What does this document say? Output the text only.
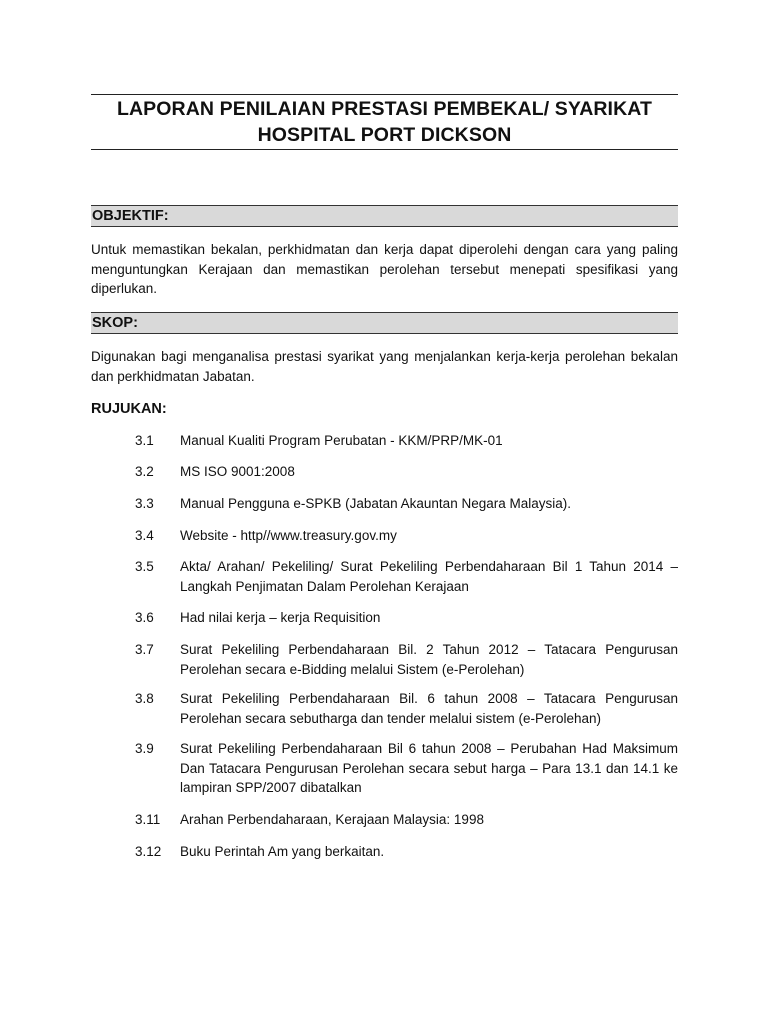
LAPORAN PENILAIAN PRESTASI PEMBEKAL/ SYARIKAT
HOSPITAL PORT DICKSON
OBJEKTIF:
Untuk memastikan bekalan, perkhidmatan dan kerja dapat diperolehi dengan cara yang paling menguntungkan Kerajaan dan memastikan perolehan tersebut menepati spesifikasi yang diperlukan.
SKOP:
Digunakan bagi menganalisa prestasi syarikat yang menjalankan kerja-kerja perolehan bekalan dan perkhidmatan Jabatan.
RUJUKAN:
3.1	Manual Kualiti Program Perubatan - KKM/PRP/MK-01
3.2	MS ISO 9001:2008
3.3	Manual Pengguna e-SPKB (Jabatan Akauntan Negara Malaysia).
3.4	Website - http//www.treasury.gov.my
3.5	Akta/ Arahan/ Pekeliling/ Surat Pekeliling Perbendaharaan Bil 1 Tahun 2014 – Langkah Penjimatan Dalam Perolehan Kerajaan
3.6	Had nilai kerja – kerja Requisition
3.7	Surat Pekeliling Perbendaharaan Bil. 2 Tahun 2012 – Tatacara Pengurusan Perolehan secara e-Bidding melalui Sistem (e-Perolehan)
3.8	Surat Pekeliling Perbendaharaan Bil. 6 tahun 2008 – Tatacara Pengurusan Perolehan secara sebutharga dan tender melalui sistem (e-Perolehan)
3.9	Surat Pekeliling Perbendaharaan Bil 6 tahun 2008 – Perubahan Had Maksimum Dan Tatacara Pengurusan Perolehan secara sebut harga – Para 13.1 dan 14.1 ke lampiran SPP/2007 dibatalkan
3.11	Arahan Perbendaharaan, Kerajaan Malaysia: 1998
3.12	Buku Perintah Am yang berkaitan.
